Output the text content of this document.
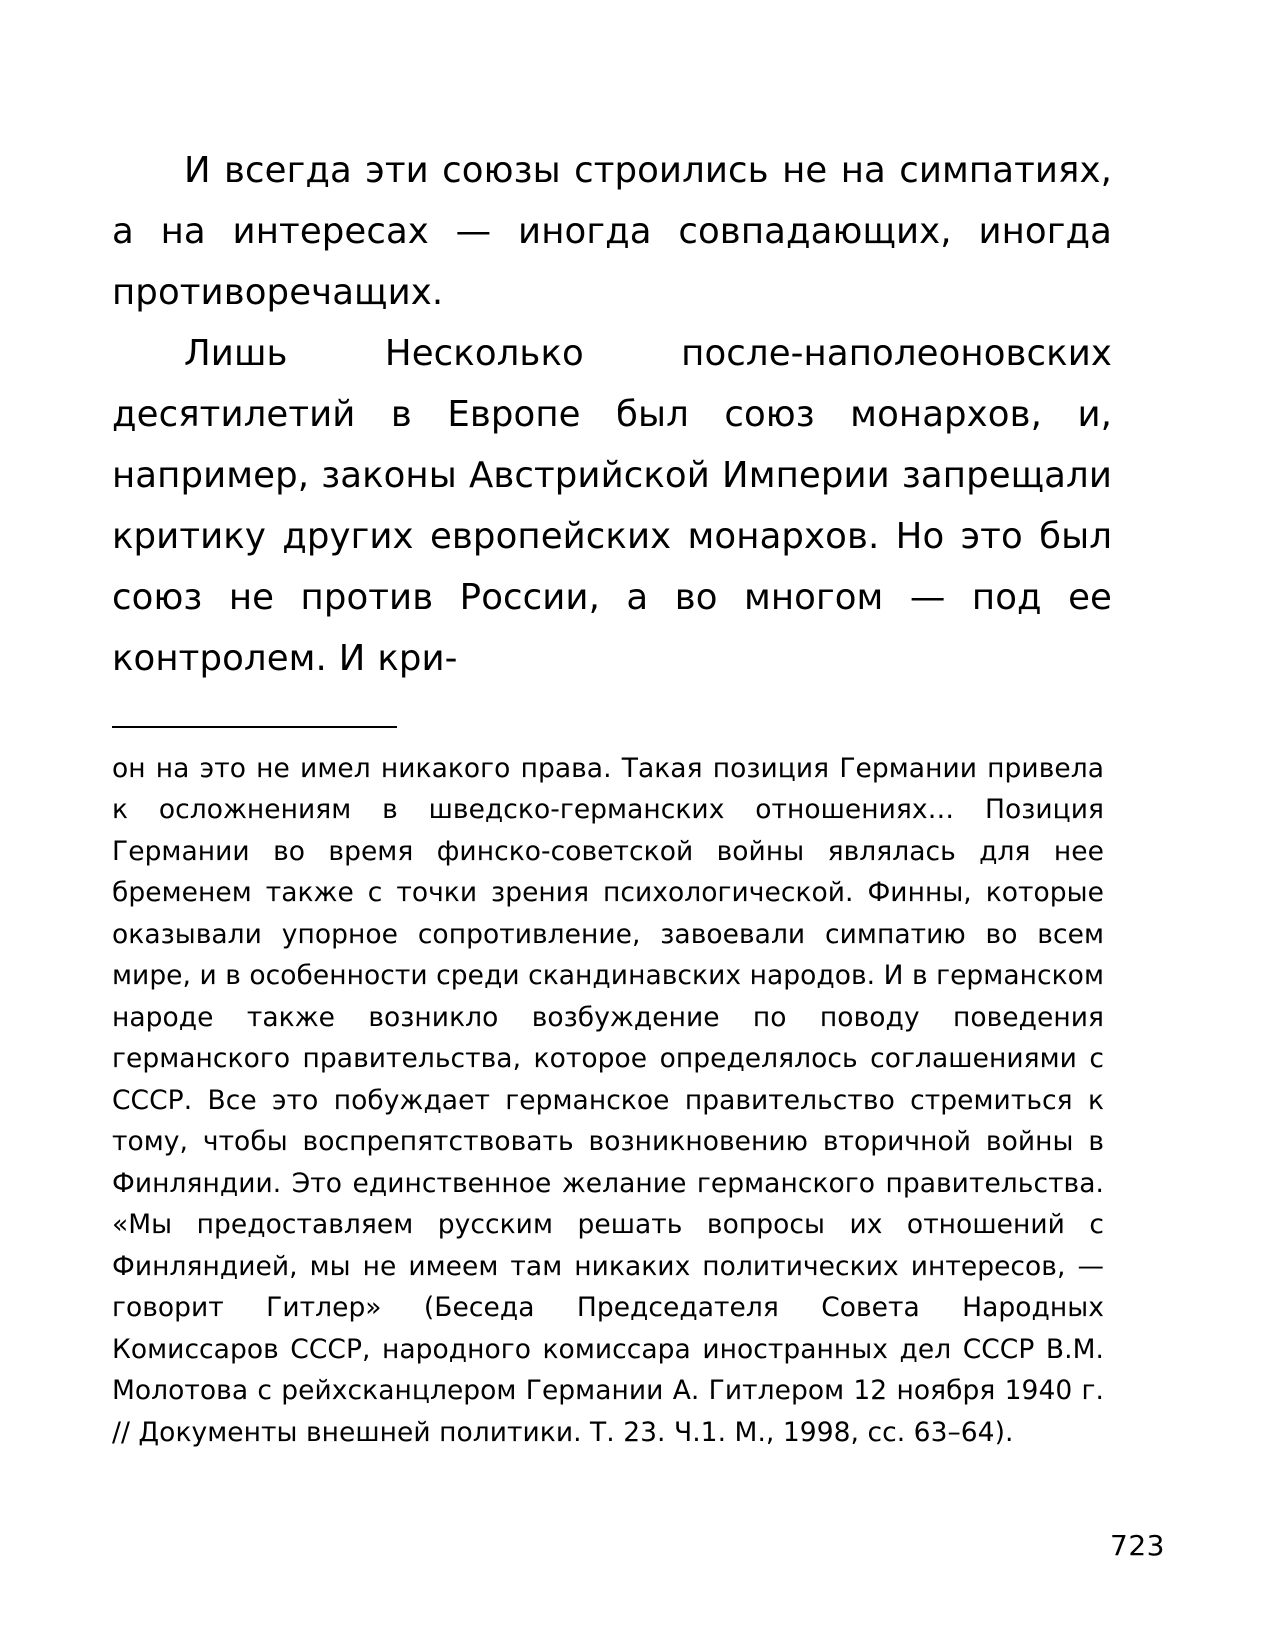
И всегда эти союзы строились не на симпатиях, а на интересах — иногда совпадающих, иногда противоречащих.

Лишь Несколько после-наполеоновских десятилетий в Европе был союз монархов, и, например, законы Австрийской Империи запрещали критику других европейских монархов. Но это был союз не против России, а во многом — под ее контролем. И кри-

он на это не имел никакого права. Такая позиция Германии привела к осложнениям в шведско-германских отношениях… Позиция Германии во время финско-советской войны являлась для нее бременем также с точки зрения психологической. Финны, которые оказывали упорное сопротивление, завоевали симпатию во всем мире, и в особенности среди скандинавских народов. И в германском народе также возникло возбуждение по поводу поведения германского правительства, которое определялось соглашениями с СССР. Все это побуждает германское правительство стремиться к тому, чтобы воспрепятствовать возникновению вторичной войны в Финляндии. Это единственное желание германского правительства. «Мы предоставляем русским решать вопросы их отношений с Финляндией, мы не имеем там никаких политических интересов, — говорит Гитлер» (Беседа Председателя Совета Народных Комиссаров СССР, народного комиссара иностранных дел СССР В.М. Молотова с рейхсканцлером Германии А. Гитлером 12 ноября 1940 г. // Документы внешней политики. Т. 23. Ч.1. М., 1998, сс. 63–64).

723
